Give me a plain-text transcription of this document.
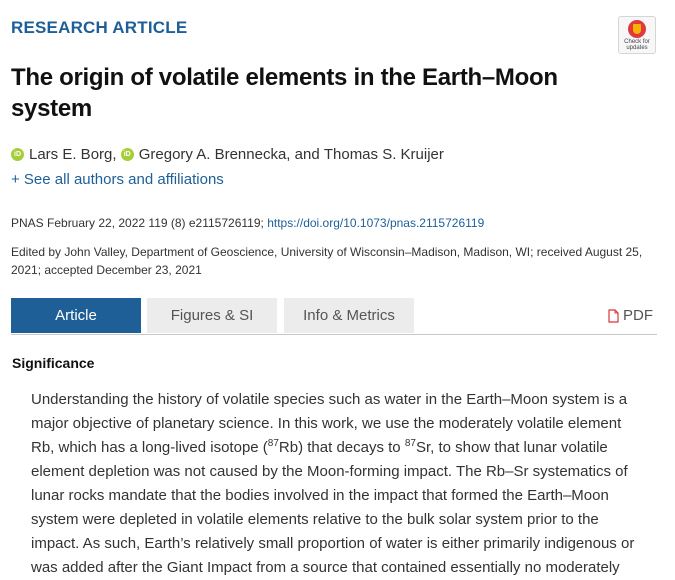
RESEARCH ARTICLE
Check for updates
The origin of volatile elements in the Earth–Moon system
iD Lars E. Borg ,
	iD Gregory A. Brennecka , and
Thomas S. Kruijer
+ See all authors and affiliations
PNAS February 22, 2022 119 (8) e2115726119; https://doi.org/10.1073/pnas.2115726119
Edited by John Valley, Department of Geoscience, University of Wisconsin–Madison, Madison, WI; received August 25, 2021; accepted December 23, 2021
Article	Figures & SI	Info & Metrics	PDF
Significance

Understanding the history of volatile species such as water in the Earth–Moon system is a major objective of planetary science. In this work, we use the moderately volatile element Rb, which has a long-lived isotope ($^{87}$Rb) that decays to $^{87}$Sr, to show that lunar volatile element depletion was not caused by the Moon-forming impact. The Rb–Sr systematics of lunar rocks mandate that the bodies involved in the impact that formed the Earth–Moon system were depleted in volatile elements relative to the bulk solar system prior to the impact. As such, Earth’s relatively small proportion of water is either primarily indigenous or was added after the Giant Impact from a source that contained essentially no moderately
